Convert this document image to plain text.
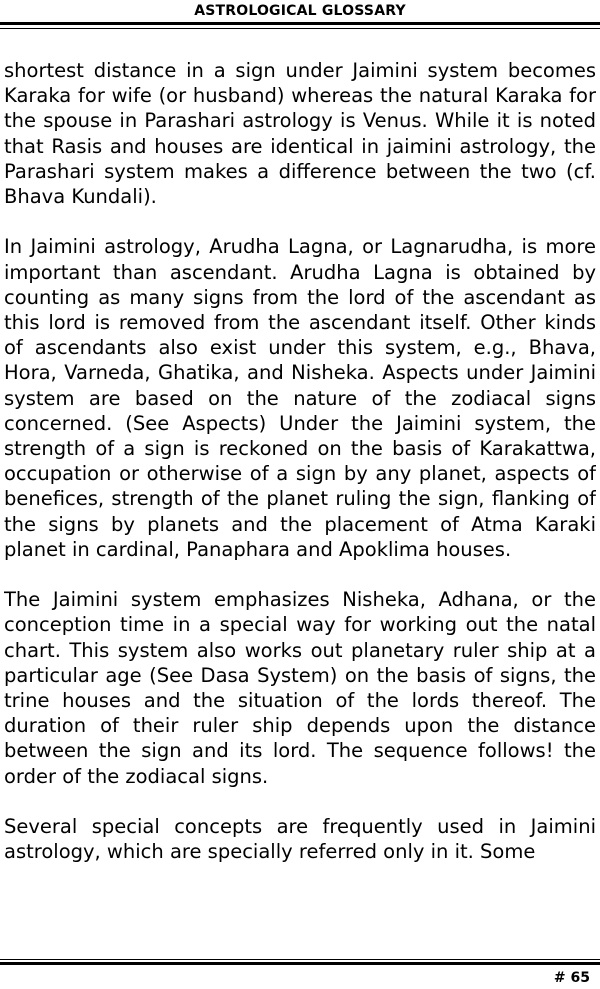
ASTROLOGICAL GLOSSARY

shortest distance in a sign under Jaimini system becomes Karaka for wife (or husband) whereas the natural Karaka for the spouse in Parashari astrology is Venus. While it is noted that Rasis and houses are identical in jaimini astrology, the Parashari system makes a difference between the two (cf. Bhava Kundali).

In Jaimini astrology, Arudha Lagna, or Lagnarudha, is more important than ascendant. Arudha Lagna is obtained by counting as many signs from the lord of the ascendant as this lord is removed from the ascendant itself. Other kinds of ascendants also exist under this system, e.g., Bhava, Hora, Varneda, Ghatika, and Nisheka. Aspects under Jaimini system are based on the nature of the zodiacal signs concerned. (See Aspects) Under the Jaimini system, the strength of a sign is reckoned on the basis of Karakattwa, occupation or otherwise of a sign by any planet, aspects of benefices, strength of the planet ruling the sign, flanking of the signs by planets and the placement of Atma Karaki planet in cardinal, Panaphara and Apoklima houses.

The Jaimini system emphasizes Nisheka, Adhana, or the conception time in a special way for working out the natal chart. This system also works out planetary ruler ship at a particular age (See Dasa System) on the basis of signs, the trine houses and the situation of the lords thereof. The duration of their ruler ship depends upon the distance between the sign and its lord. The sequence follows! the order of the zodiacal signs.

Several special concepts are frequently used in Jaimini astrology, which are specially referred only in it. Some

# 65
